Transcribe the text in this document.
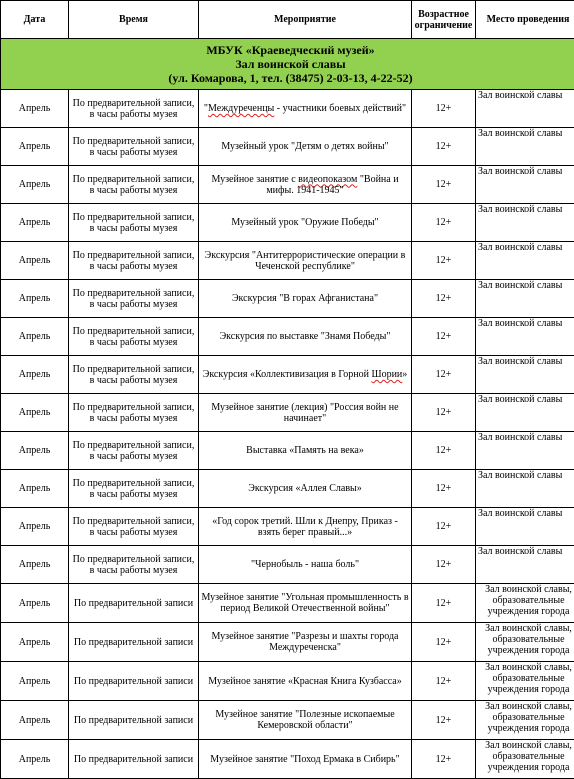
Дата	Время	Мероприятие	Возрастное ограничение	Место проведения

МБУК «Краеведческий музей»
Зал воинской славы
(ул. Комарова, 1, тел. (38475) 2-03-13, 4-22-52)				

Апрель	По предварительной записи, в часы работы музея	"Междуреченцы - участники боевых действий"	12+	Зал воинской славы
Апрель	По предварительной записи, в часы работы музея	Музейный урок "Детям о детях войны"	12+	Зал воинской славы
Апрель	По предварительной записи, в часы работы музея	Музейное занятие с видеопоказом "Война и мифы. 1941-1945"	12+	Зал воинской славы
Апрель	По предварительной записи, в часы работы музея	Музейный урок "Оружие Победы"	12+	Зал воинской славы
Апрель	По предварительной записи, в часы работы музея	Экскурсия "Антитеррористические операции в Чеченской республике"	12+	Зал воинской славы
Апрель	По предварительной записи, в часы работы музея	Экскурсия "В горах Афганистана"	12+	Зал воинской славы
Апрель	По предварительной записи, в часы работы музея	Экскурсия по выставке "Знамя Победы"	12+	Зал воинской славы
Апрель	По предварительной записи, в часы работы музея	Экскурсия «Коллективизация в Горной Шории»	12+	Зал воинской славы
Апрель	По предварительной записи, в часы работы музея	Музейное занятие (лекция) "Россия войн не начинает"	12+	Зал воинской славы
Апрель	По предварительной записи, в часы работы музея	Выставка «Память на века»	12+	Зал воинской славы
Апрель	По предварительной записи, в часы работы музея	Экскурсия «Аллея Славы»	12+	Зал воинской славы
Апрель	По предварительной записи, в часы работы музея	«Год сорок третий. Шли к Днепру, Приказ - взять берег правый...»	12+	Зал воинской славы
Апрель	По предварительной записи, в часы работы музея	"Чернобыль - наша боль"	12+	Зал воинской славы
Апрель	По предварительной записи	Музейное занятие "Угольная промышленность в период Великой Отечественной войны"	12+	Зал воинской славы, образовательные учреждения города
Апрель	По предварительной записи	Музейное занятие "Разрезы и шахты города Междуреченска"	12+	Зал воинской славы, образовательные учреждения города
Апрель	По предварительной записи	Музейное занятие «Красная Книга Кузбасса»	12+	Зал воинской славы, образовательные учреждения города
Апрель	По предварительной записи	Музейное занятие "Полезные ископаемые Кемеровской области"	12+	Зал воинской славы, образовательные учреждения города
Апрель	По предварительной записи	Музейное занятие "Поход Ермака в Сибирь"	12+	Зал воинской славы, образовательные учреждения города
